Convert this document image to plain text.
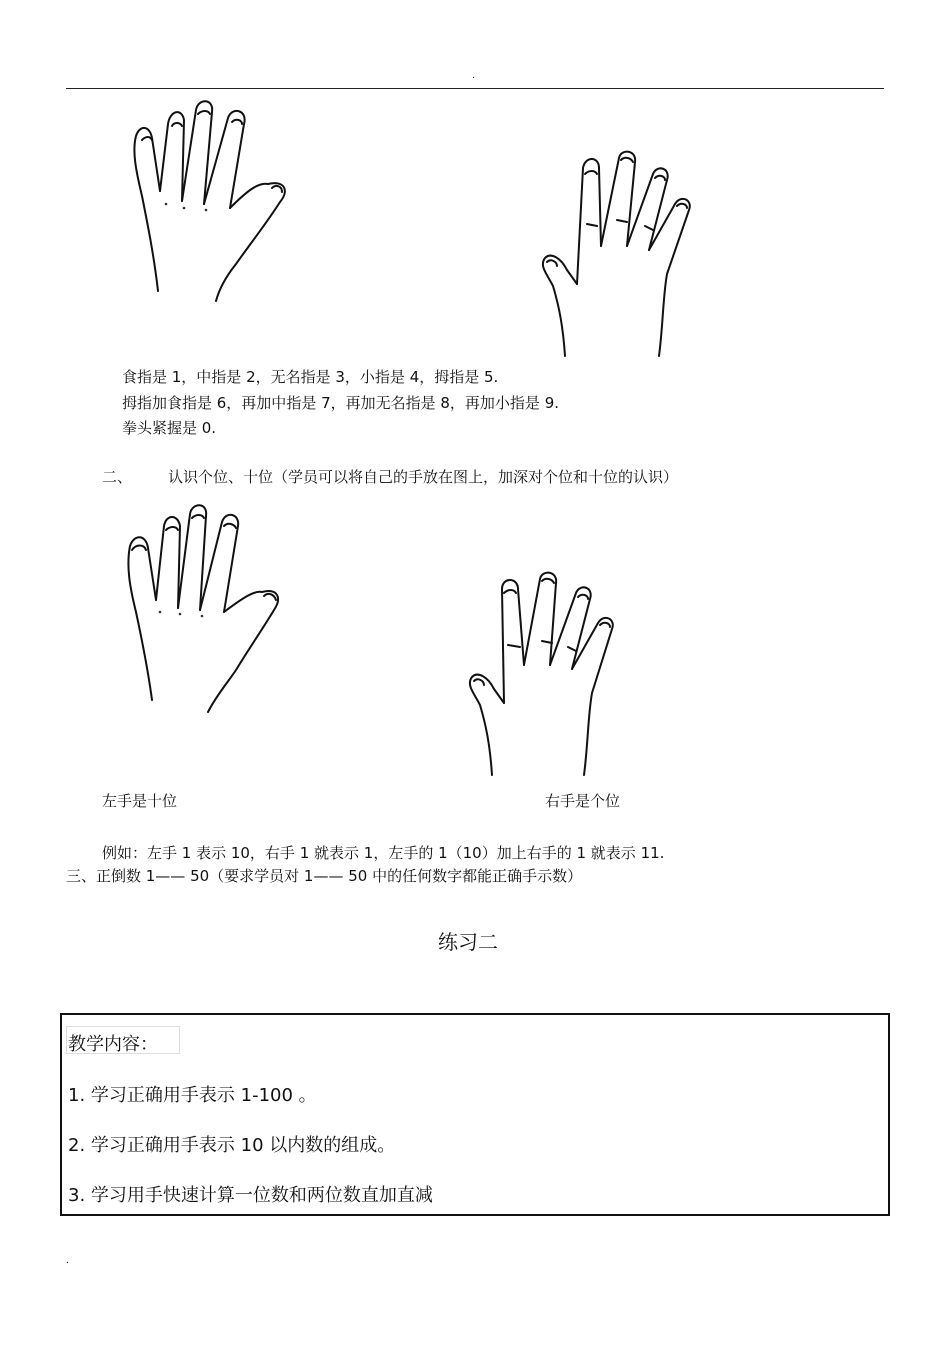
.
食指是 1，中指是 2，无名指是 3，小指是 4，拇指是 5.
拇指加食指是 6，再加中指是 7，再加无名指是 8，再加小指是 9.
拳头紧握是 0.
二、 认识个位、十位（学员可以将自己的手放在图上，加深对个位和十位的认识）
左手是十位	右手是个位
例如：左手 1 表示 10，右手 1 就表示 1，左手的 1（10）加上右手的 1 就表示 11.
三、正倒数 1—— 50（要求学员对 1—— 50 中的任何数字都能正确手示数）
练习二
教学内容：
1. 学习正确用手表示 1-100 。
2. 学习正确用手表示 10 以内数的组成。
3. 学习用手快速计算一位数和两位数直加直减
.
